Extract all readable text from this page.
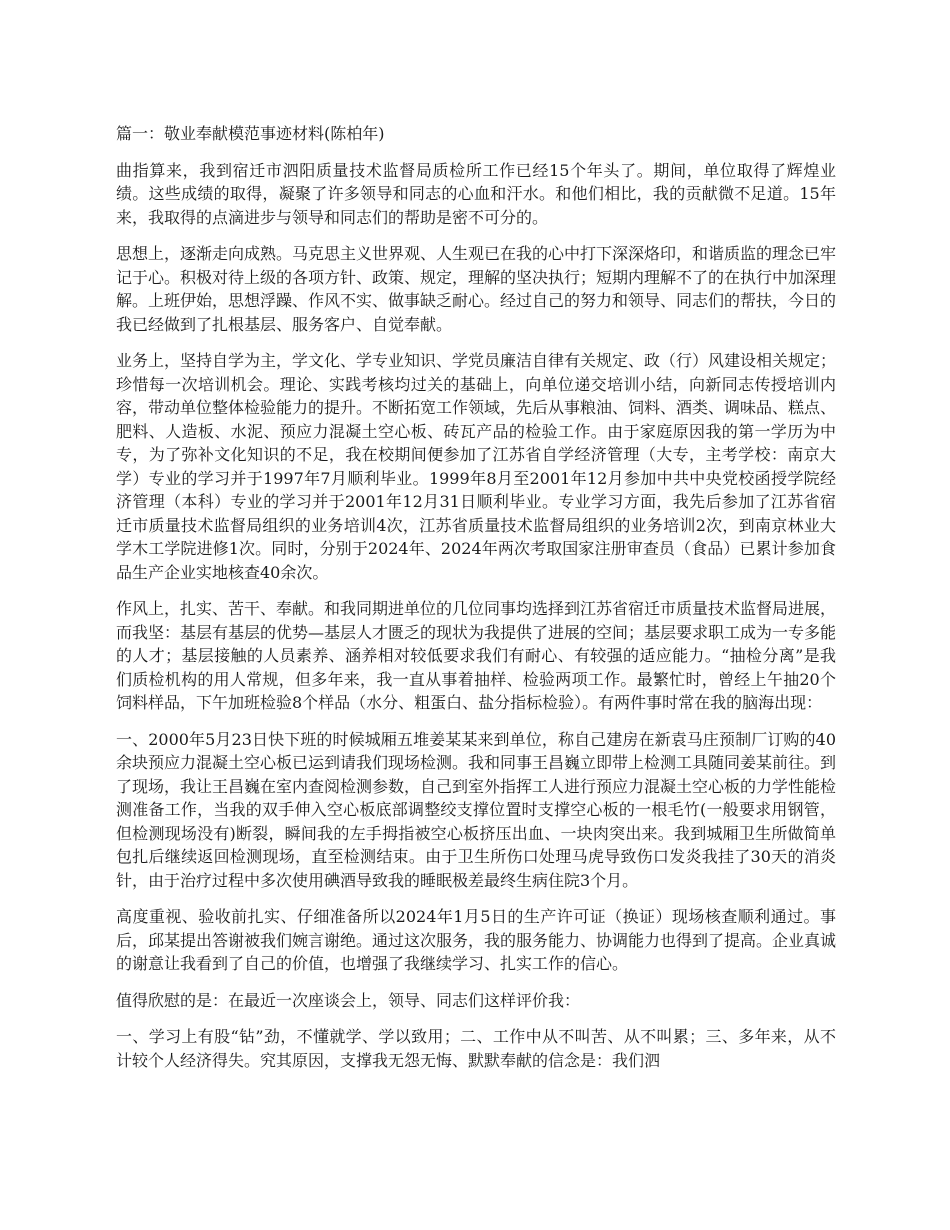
篇一：敬业奉献模范事迹材料(陈柏年)

曲指算来，我到宿迁市泗阳质量技术监督局质检所工作已经15个年头了。期间，单位取得了辉煌业绩。这些成绩的取得，凝聚了许多领导和同志的心血和汗水。和他们相比，我的贡献微不足道。15年来，我取得的点滴进步与领导和同志们的帮助是密不可分的。

思想上，逐渐走向成熟。马克思主义世界观、人生观已在我的心中打下深深烙印，和谐质监的理念已牢记于心。积极对待上级的各项方针、政策、规定，理解的坚决执行；短期内理解不了的在执行中加深理解。上班伊始，思想浮躁、作风不实、做事缺乏耐心。经过自己的努力和领导、同志们的帮扶，今日的我已经做到了扎根基层、服务客户、自觉奉献。

业务上，坚持自学为主，学文化、学专业知识、学党员廉洁自律有关规定、政（行）风建设相关规定；珍惜每一次培训机会。理论、实践考核均过关的基础上，向单位递交培训小结，向新同志传授培训内容，带动单位整体检验能力的提升。不断拓宽工作领域，先后从事粮油、饲料、酒类、调味品、糕点、肥料、人造板、水泥、预应力混凝土空心板、砖瓦产品的检验工作。由于家庭原因我的第一学历为中专，为了弥补文化知识的不足，我在校期间便参加了江苏省自学经济管理（大专，主考学校：南京大学）专业的学习并于1997年7月顺利毕业。1999年8月至2001年12月参加中共中央党校函授学院经济管理（本科）专业的学习并于2001年12月31日顺利毕业。专业学习方面，我先后参加了江苏省宿迁市质量技术监督局组织的业务培训4次，江苏省质量技术监督局组织的业务培训2次，到南京林业大学木工学院进修1次。同时，分别于2024年、2024年两次考取国家注册审查员（食品）已累计参加食品生产企业实地核查40余次。

作风上，扎实、苦干、奉献。和我同期进单位的几位同事均选择到江苏省宿迁市质量技术监督局进展，而我坚：基层有基层的优势—基层人才匮乏的现状为我提供了进展的空间；基层要求职工成为一专多能的人才；基层接触的人员素养、涵养相对较低要求我们有耐心、有较强的适应能力。“抽检分离”是我们质检机构的用人常规，但多年来，我一直从事着抽样、检验两项工作。最繁忙时，曾经上午抽20个饲料样品，下午加班检验8个样品（水分、粗蛋白、盐分指标检验）。有两件事时常在我的脑海出现：

一、2000年5月23日快下班的时候城厢五堆姜某某来到单位，称自己建房在新袁马庄预制厂订购的40余块预应力混凝土空心板已运到请我们现场检测。我和同事王昌巍立即带上检测工具随同姜某前往。到了现场，我让王昌巍在室内查阅检测参数，自己到室外指挥工人进行预应力混凝土空心板的力学性能检测准备工作，当我的双手伸入空心板底部调整绞支撑位置时支撑空心板的一根毛竹(一般要求用钢管，但检测现场没有)断裂，瞬间我的左手拇指被空心板挤压出血、一块肉突出来。我到城厢卫生所做简单包扎后继续返回检测现场，直至检测结束。由于卫生所伤口处理马虎导致伤口发炎我挂了30天的消炎针，由于治疗过程中多次使用碘酒导致我的睡眠极差最终生病住院3个月。

高度重视、验收前扎实、仔细准备所以2024年1月5日的生产许可证（换证）现场核查顺利通过。事后，邱某提出答谢被我们婉言谢绝。通过这次服务，我的服务能力、协调能力也得到了提高。企业真诚的谢意让我看到了自己的价值，也增强了我继续学习、扎实工作的信心。

值得欣慰的是：在最近一次座谈会上，领导、同志们这样评价我：

一、学习上有股“钻”劲，不懂就学、学以致用；二、工作中从不叫苦、从不叫累；三、多年来，从不计较个人经济得失。究其原因，支撑我无怨无悔、默默奉献的信念是：我们泗
